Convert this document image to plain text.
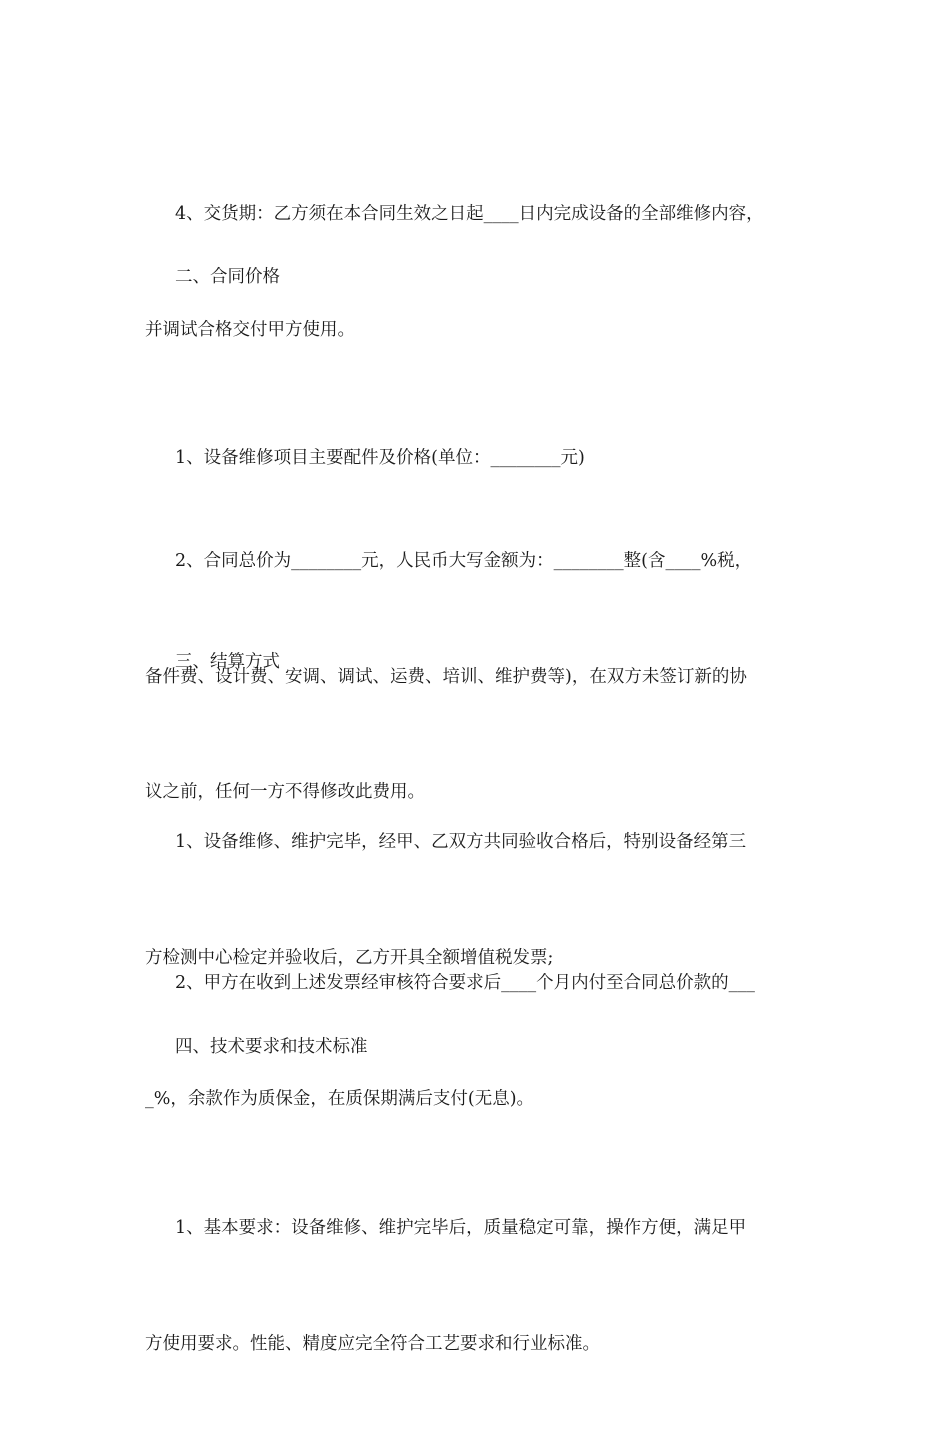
4、交货期：乙方须在本合同生效之日起____日内完成设备的全部维修内容，

并调试合格交付甲方使用。

二、合同价格

1、设备维修项目主要配件及价格(单位：________元)

2、合同总价为________元，人民币大写金额为：________整(含____%税，

备件费、设计费、安调、调试、运费、培训、维护费等)，在双方未签订新的协

议之前，任何一方不得修改此费用。

三、结算方式

1、设备维修、维护完毕，经甲、乙双方共同验收合格后，特别设备经第三

方检测中心检定并验收后，乙方开具全额增值税发票;

2、甲方在收到上述发票经审核符合要求后____个月内付至合同总价款的___

_%，余款作为质保金，在质保期满后支付(无息)。

四、技术要求和技术标准

1、基本要求：设备维修、维护完毕后，质量稳定可靠，操作方便，满足甲

方使用要求。性能、精度应完全符合工艺要求和行业标准。
